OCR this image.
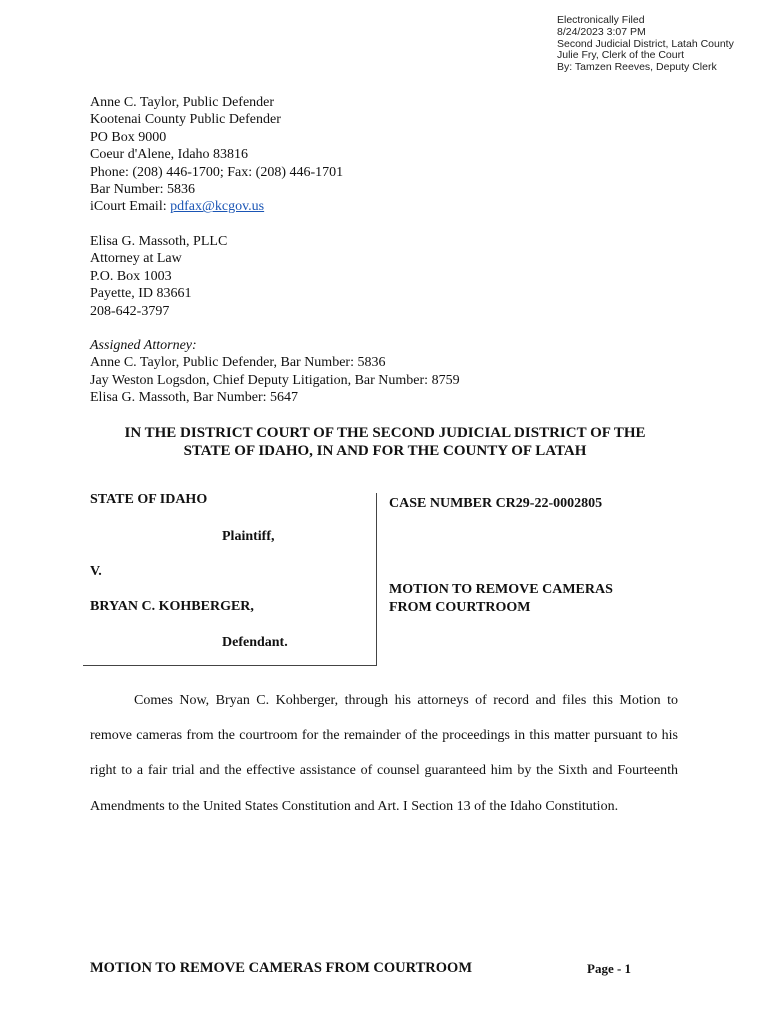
Electronically Filed
8/24/2023 3:07 PM
Second Judicial District, Latah County
Julie Fry, Clerk of the Court
By: Tamzen Reeves, Deputy Clerk
Anne C. Taylor, Public Defender
Kootenai County Public Defender
PO Box 9000
Coeur d'Alene, Idaho 83816
Phone: (208) 446-1700; Fax: (208) 446-1701
Bar Number: 5836
iCourt Email: pdfax@kcgov.us
Elisa G. Massoth, PLLC
Attorney at Law
P.O. Box 1003
Payette, ID 83661
208-642-3797
Assigned Attorney:
Anne C. Taylor, Public Defender, Bar Number: 5836
Jay Weston Logsdon, Chief Deputy Litigation, Bar Number: 8759
Elisa G. Massoth, Bar Number: 5647
IN THE DISTRICT COURT OF THE SECOND JUDICIAL DISTRICT OF THE
STATE OF IDAHO, IN AND FOR THE COUNTY OF LATAH
STATE OF IDAHO
Plaintiff,
V.
BRYAN C. KOHBERGER,
Defendant.
CASE NUMBER CR29-22-0002805
MOTION TO REMOVE CAMERAS
FROM COURTROOM

Comes Now, Bryan C. Kohberger, through his attorneys of record and files this Motion to remove cameras from the courtroom for the remainder of the proceedings in this matter pursuant to his right to a fair trial and the effective assistance of counsel guaranteed him by the Sixth and Fourteenth Amendments to the United States Constitution and Art. I Section 13 of the Idaho Constitution.

MOTION TO REMOVE CAMERAS FROM COURTROOM	Page - 1
